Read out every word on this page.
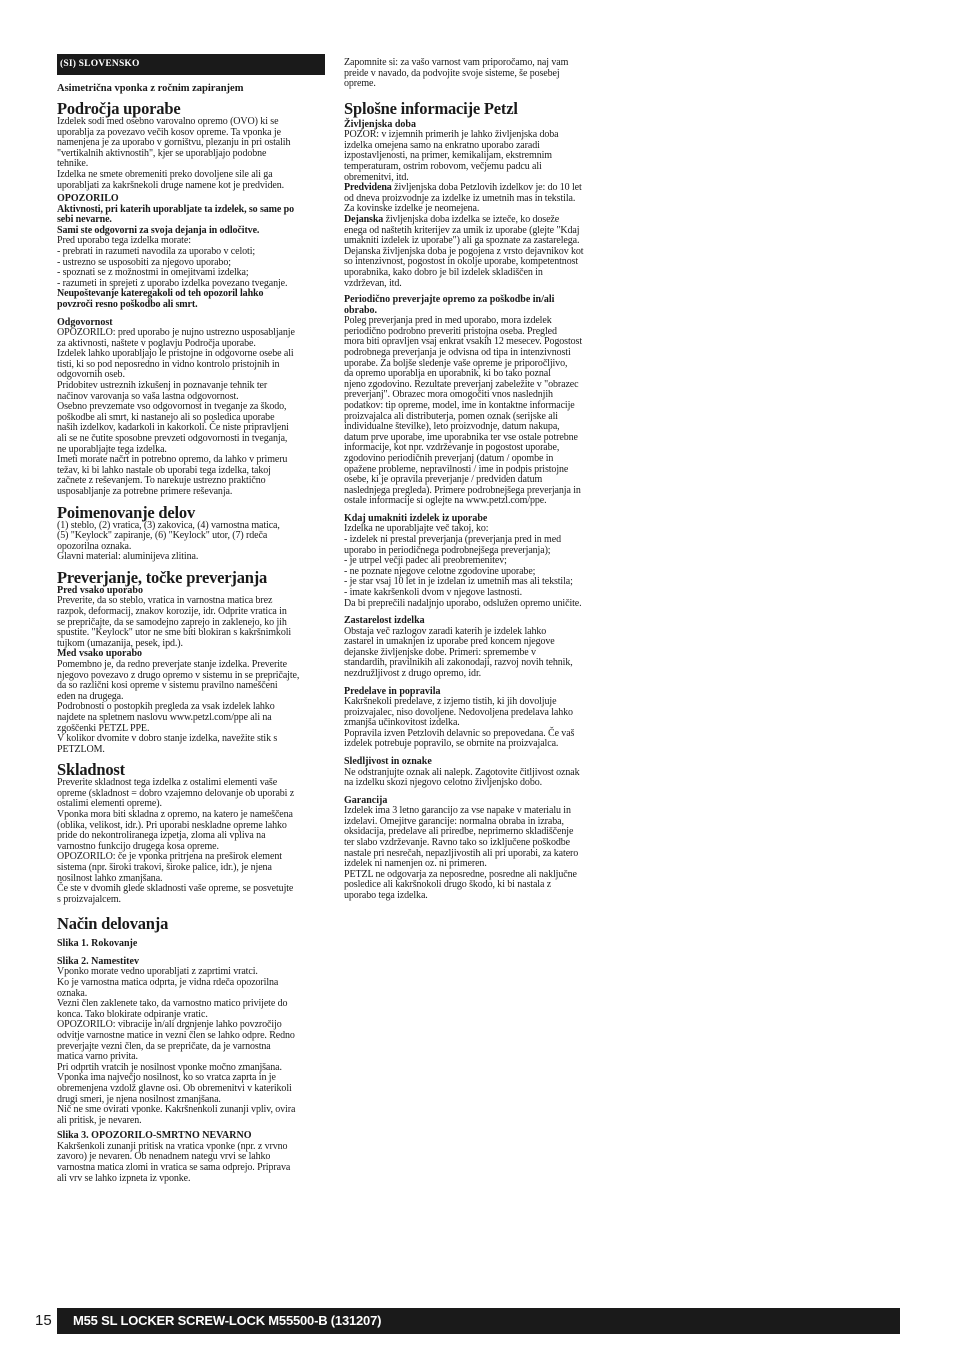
(SI) SLOVENSKO
Asimetrična vponka z ročnim zapiranjem
Področja uporabe

Izdelek sodi med osebno varovalno opremo (OVO) ki se
uporablja za povezavo večih kosov opreme. Ta vponka je
namenjena je za uporabo v gorništvu, plezanju in pri ostalih
"vertikalnih aktivnostih", kjer se uporabljajo podobne
tehnike.
Izdelka ne smete obremeniti preko dovoljene sile ali ga
uporabljati za kakršnekoli druge namene kot je predviden.

OPOZORILO

Aktivnosti, pri katerih uporabljate ta izdelek, so same po
sebi nevarne.
Sami ste odgovorni za svoja dejanja in odločitve.

Pred uporabo tega izdelka morate:
- prebrati in razumeti navodila za uporabo v celoti;
- ustrezno se usposobiti za njegovo uporabo;
- spoznati se z možnostmi in omejitvami izdelka;
- razumeti in sprejeti z uporabo izdelka povezano tveganje.

Neupoštevanje kateregakoli od teh opozoril lahko
povzroči resno poškodbo ali smrt.

Odgovornost

OPOZORILO: pred uporabo je nujno ustrezno usposabljanje
za aktivnosti, naštete v poglavju Področja uporabe.
Izdelek lahko uporabljajo le pristojne in odgovorne osebe ali
tisti, ki so pod neposredno in vidno kontrolo pristojnih in
odgovornih oseb.
Pridobitev ustreznih izkušenj in poznavanje tehnik ter
načinov varovanja so vaša lastna odgovornost.
Osebno prevzemate vso odgovornost in tveganje za škodo,
poškodbe ali smrt, ki nastanejo ali so posledica uporabe
naših izdelkov, kadarkoli in kakorkoli. Če niste pripravljeni
ali se ne čutite sposobne prevzeti odgovornosti in tveganja,
ne uporabljajte tega izdelka.
Imeti morate načrt in potrebno opremo, da lahko v primeru
težav, ki bi lahko nastale ob uporabi tega izdelka, takoj
začnete z reševanjem. To narekuje ustrezno praktično
usposabljanje za potrebne primere reševanja.

Poimenovanje delov

(1) steblo, (2) vratica, (3) zakovica, (4) varnostna matica,
(5) "Keylock" zapiranje, (6) "Keylock" utor, (7) rdeča
opozorilna oznaka.
Glavni material: aluminijeva zlitina.

Preverjanje, točke preverjanja
Pred vsako uporabo

Preverite, da so steblo, vratica in varnostna matica brez
razpok, deformacij, znakov korozije, idr. Odprite vratica in
se prepričajte, da se samodejno zaprejo in zaklenejo, ko jih
spustite. "Keylock" utor ne sme biti blokiran s kakršnimkoli
tujkom (umazanija, pesek, ipd.).

Med vsako uporabo

Pomembno je, da redno preverjate stanje izdelka. Preverite
njegovo povezavo z drugo opremo v sistemu in se prepričajte,
da so različni kosi opreme v sistemu pravilno nameščeni
eden na drugega.
Podrobnosti o postopkih pregleda za vsak izdelek lahko
najdete na spletnem naslovu www.petzl.com/ppe ali na
zgoščenki PETZL PPE.
V kolikor dvomite v dobro stanje izdelka, navežite stik s
PETZLOM.

Skladnost

Preverite skladnost tega izdelka z ostalimi elementi vaše
opreme (skladnost = dobro vzajemno delovanje ob uporabi z
ostalimi elementi opreme).
Vponka mora biti skladna z opremo, na katero je nameščena
(oblika, velikost, idr.). Pri uporabi neskladne opreme lahko
pride do nekontroliranega izpetja, zloma ali vpliva na
varnostno funkcijo drugega kosa opreme.
OPOZORILO: če je vponka pritrjena na preširok element
sistema (npr. široki trakovi, široke palice, idr.), je njena
nosilnost lahko zmanjšana.
Če ste v dvomih glede skladnosti vaše opreme, se posvetujte
s proizvajalcem.

Način delovanja
Slika 1. Rokovanje
Slika 2. Namestitev

Vponko morate vedno uporabljati z zaprtimi vratci.
Ko je varnostna matica odprta, je vidna rdeča opozorilna
oznaka.
Vezni člen zaklenete tako, da varnostno matico privijete do
konca. Tako blokirate odpiranje vratic.
OPOZORILO: vibracije in/ali drgnjenje lahko povzročijo
odvitje varnostne matice in vezni člen se lahko odpre. Redno
preverjajte vezni člen, da se prepričate, da je varnostna
matica varno privita.
Pri odprtih vratcih je nosilnost vponke močno zmanjšana.
Vponka ima največjo nosilnost, ko so vratca zaprta in je
obremenjena vzdolž glavne osi. Ob obremenitvi v katerikoli
drugi smeri, je njena nosilnost zmanjšana.
Nič ne sme ovirati vponke. Kakršnenkoli zunanji vpliv, ovira
ali pritisk, je nevaren.

Slika 3. OPOZORILO-SMRTNO NEVARNO

Kakršenkoli zunanji pritisk na vratica vponke (npr. z vrvno
zavoro) je nevaren. Ob nenadnem nategu vrvi se lahko
varnostna matica zlomi in vratica se sama odprejo. Priprava
ali vrv se lahko izpneta iz vponke.

Zapomnite si: za vašo varnost vam priporočamo, naj vam
preide v navado, da podvojite svoje sisteme, še posebej
opreme.

Splošne informacije Petzl
Življenjska doba

POZOR: v izjemnih primerih je lahko življenjska doba
izdelka omejena samo na enkratno uporabo zaradi
izpostavljenosti, na primer, kemikalijam, ekstremnim
temperaturam, ostrim robovom, večjemu padcu ali
obremenitvi, itd.

Predvidena življenjska doba Petzlovih izdelkov je: do 10 let
od dneva proizvodnje za izdelke iz umetnih mas in tekstila.
Za kovinske izdelke je neomejena.

Dejanska življenjska doba izdelka se izteče, ko doseže
enega od naštetih kriterijev za umik iz uporabe (glejte "Kdaj
umakniti izdelek iz uporabe") ali ga spoznate za zastarelega.
Dejanska življenjska doba je pogojena z vrsto dejavnikov kot
so intenzivnost, pogostost in okolje uporabe, kompetentnost
uporabnika, kako dobro je bil izdelek skladiščen in
vzdrževan, itd.

Periodično preverjajte opremo za poškodbe in/ali
obrabo.

Poleg preverjanja pred in med uporabo, mora izdelek
periodično podrobno preveriti pristojna oseba. Pregled
mora biti opravljen vsaj enkrat vsakih 12 mesecev. Pogostost
podrobnega preverjanja je odvisna od tipa in intenzivnosti
uporabe. Za boljše sledenje vaše opreme je priporočljivo,
da opremo uporablja en uporabnik, ki bo tako poznal
njeno zgodovino. Rezultate preverjanj zabeležite v "obrazec
preverjanj". Obrazec mora omogočiti vnos naslednjih
podatkov: tip opreme, model, ime in kontaktne informacije
proizvajalca ali distributerja, pomen oznak (serijske ali
individualne številke), leto proizvodnje, datum nakupa,
datum prve uporabe, ime uporabnika ter vse ostale potrebne
informacije, kot npr. vzdrževanje in pogostost uporabe,
zgodovino periodičnih preverjanj (datum / opombe in
opažene probleme, nepravilnosti / ime in podpis pristojne
osebe, ki je opravila preverjanje / predviden datum
naslednjega pregleda). Primere podrobnejšega preverjanja in
ostale informacije si oglejte na www.petzl.com/ppe.

Kdaj umakniti izdelek iz uporabe

Izdelka ne uporabljajte več takoj, ko:
- izdelek ni prestal preverjanja (preverjanja pred in med
uporabo in periodičnega podrobnejšega preverjanja);
- je utrpel večji padec ali preobremenitev;
- ne poznate njegove celotne zgodovine uporabe;
- je star vsaj 10 let in je izdelan iz umetnih mas ali tekstila;
- imate kakršenkoli dvom v njegove lastnosti.
Da bi preprečili nadaljnjo uporabo, odslužen opremo uničite.

Zastarelost izdelka

Obstaja več razlogov zaradi katerih je izdelek lahko
zastarel in umaknjen iz uporabe pred koncem njegove
dejanske življenjske dobe. Primeri: spremembe v
standardih, pravilnikih ali zakonodaji, razvoj novih tehnik,
nezdružljivost z drugo opremo, idr.

Predelave in popravila

Kakršnekoli predelave, z izjemo tistih, ki jih dovoljuje
proizvajalec, niso dovoljene. Nedovoljena predelava lahko
zmanjša učinkovitost izdelka.
Popravila izven Petzlovih delavnic so prepovedana. Če vaš
izdelek potrebuje popravilo, se obrnite na proizvajalca.

Sledljivost in oznake

Ne odstranjujte oznak ali nalepk. Zagotovite čitljivost oznak
na izdelku skozi njegovo celotno življenjsko dobo.

Garancija

Izdelek ima 3 letno garancijo za vse napake v materialu in
izdelavi. Omejitve garancije: normalna obraba in izraba,
oksidacija, predelave ali priredbe, neprimerno skladiščenje
ter slabo vzdrževanje. Ravno tako so izključene poškodbe
nastale pri nesrečah, nepazljivostih ali pri uporabi, za katero
izdelek ni namenjen oz. ni primeren.
PETZL ne odgovarja za neposredne, posredne ali naključne
posledice ali kakršnokoli drugo škodo, ki bi nastala z
uporabo tega izdelka.

15	M55 SL LOCKER SCREW-LOCK M55500-B (131207)
